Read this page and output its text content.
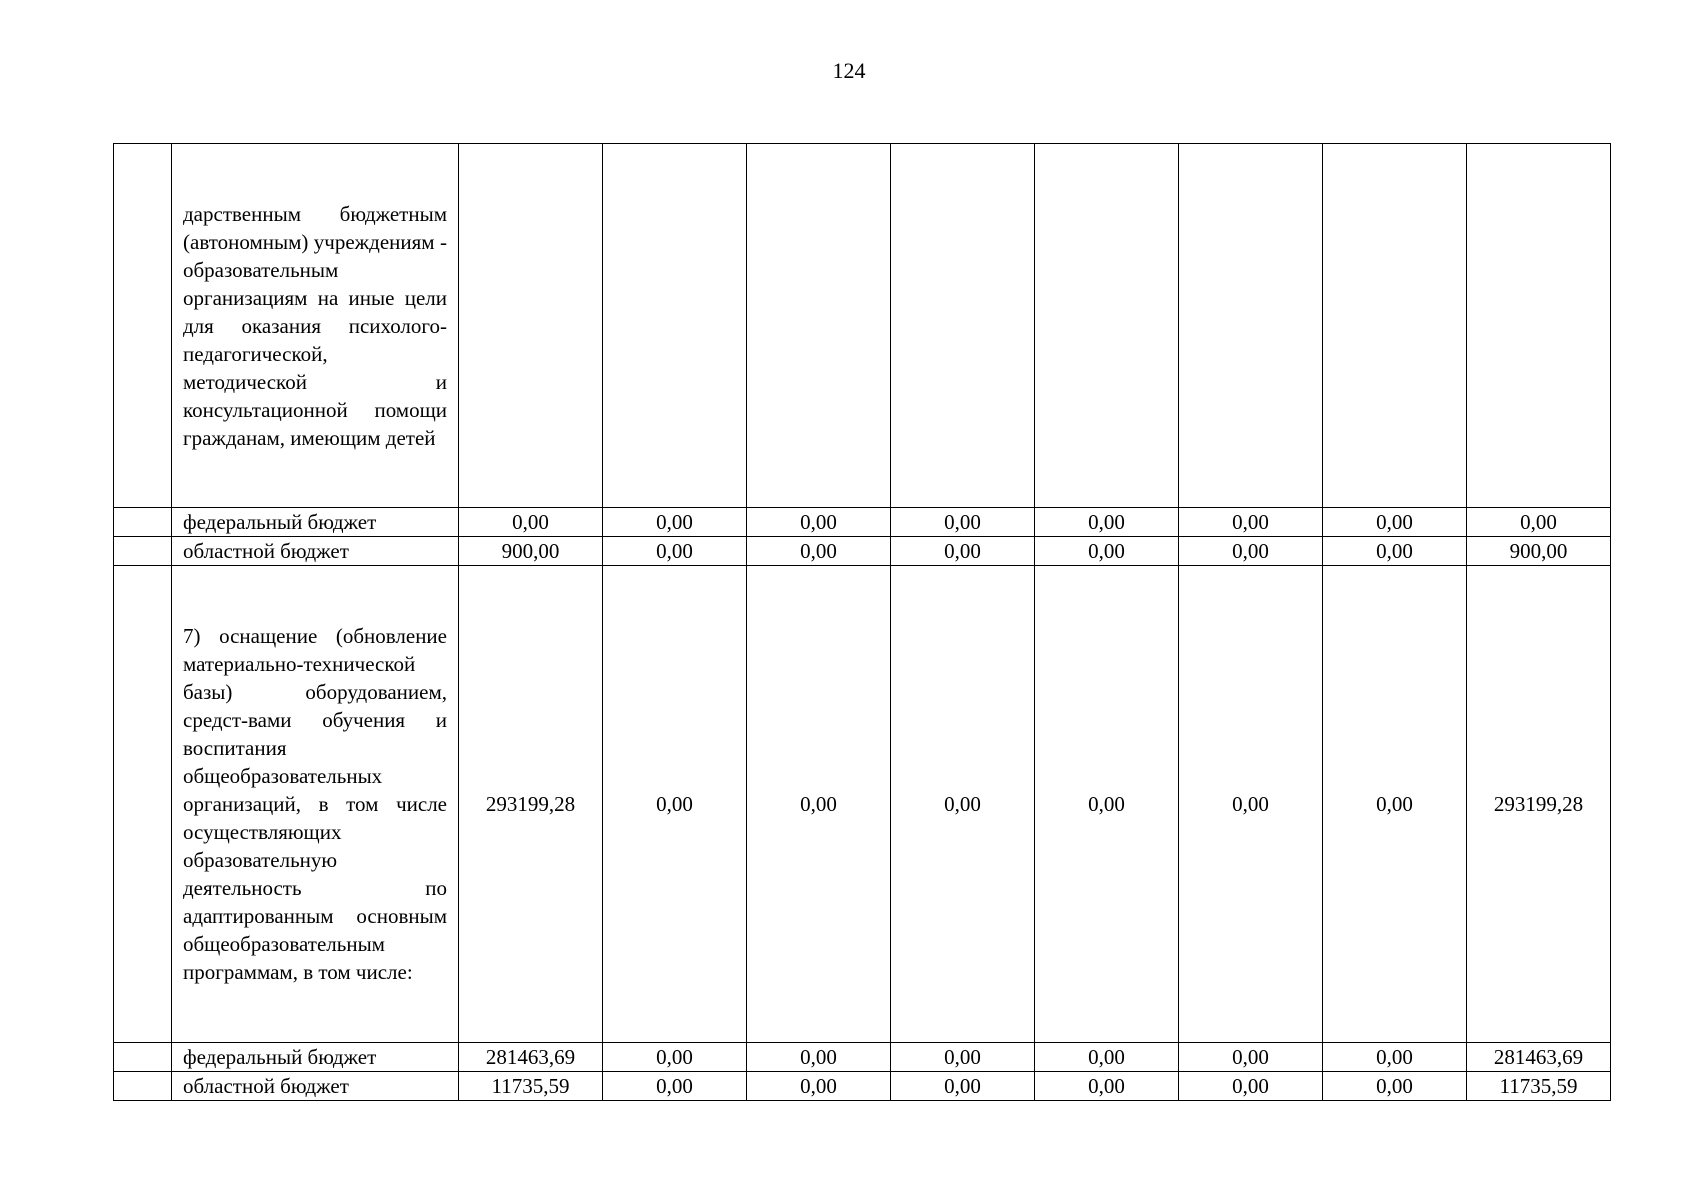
124
	дарственным бюджетным (автономным) учреждениям - образовательным организациям на иные цели для оказания психолого-педагогической, методической и консультационной помощи гражданам, имеющим детей								
	федеральный бюджет	0,00	0,00	0,00	0,00	0,00	0,00	0,00	0,00
	областной бюджет	900,00	0,00	0,00	0,00	0,00	0,00	0,00	900,00
	7) оснащение (обновление материально-технической базы) оборудованием, средст-вами обучения и воспитания общеобразовательных организаций, в том числе осуществляющих образовательную деятельность по адаптированным основным общеобразовательным программам, в том числе:	293199,28	0,00	0,00	0,00	0,00	0,00	0,00	293199,28
	федеральный бюджет	281463,69	0,00	0,00	0,00	0,00	0,00	0,00	281463,69
	областной бюджет	11735,59	0,00	0,00	0,00	0,00	0,00	0,00	11735,59
